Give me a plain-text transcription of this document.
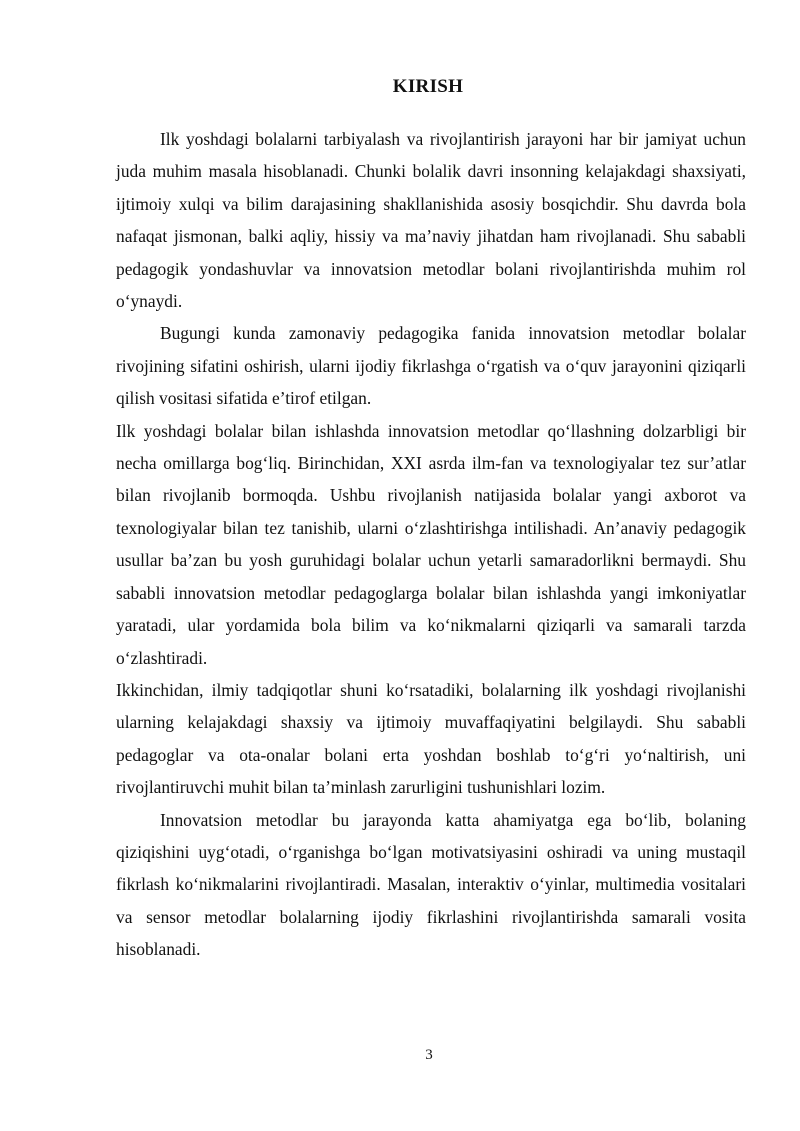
KIRISH

Ilk yoshdagi bolalarni tarbiyalash va rivojlantirish jarayoni har bir jamiyat uchun juda muhim masala hisoblanadi. Chunki bolalik davri insonning kelajakdagi shaxsiyati, ijtimoiy xulqi va bilim darajasining shakllanishida asosiy bosqichdir. Shu davrda bola nafaqat jismonan, balki aqliy, hissiy va ma’naviy jihatdan ham rivojlanadi. Shu sababli pedagogik yondashuvlar va innovatsion metodlar bolani rivojlantirishda muhim rol o‘ynaydi.

Bugungi kunda zamonaviy pedagogika fanida innovatsion metodlar bolalar rivojining sifatini oshirish, ularni ijodiy fikrlashga o‘rgatish va o‘quv jarayonini qiziqarli qilish vositasi sifatida e’tirof etilgan.

Ilk yoshdagi bolalar bilan ishlashda innovatsion metodlar qo‘llashning dolzarbligi bir necha omillarga bog‘liq. Birinchidan, XXI asrda ilm-fan va texnologiyalar tez sur’atlar bilan rivojlanib bormoqda. Ushbu rivojlanish natijasida bolalar yangi axborot va texnologiyalar bilan tez tanishib, ularni o‘zlashtirishga intilishadi. An’anaviy pedagogik usullar ba’zan bu yosh guruhidagi bolalar uchun yetarli samaradorlikni bermaydi. Shu sababli innovatsion metodlar pedagoglarga bolalar bilan ishlashda yangi imkoniyatlar yaratadi, ular yordamida bola bilim va ko‘nikmalarni qiziqarli va samarali tarzda o‘zlashtiradi.

Ikkinchidan, ilmiy tadqiqotlar shuni ko‘rsatadiki, bolalarning ilk yoshdagi rivojlanishi ularning kelajakdagi shaxsiy va ijtimoiy muvaffaqiyatini belgilaydi. Shu sababli pedagoglar va ota-onalar bolani erta yoshdan boshlab to‘g‘ri yo‘naltirish, uni rivojlantiruvchi muhit bilan ta’minlash zarurligini tushunishlari lozim.

Innovatsion metodlar bu jarayonda katta ahamiyatga ega bo‘lib, bolaning qiziqishini uyg‘otadi, o‘rganishga bo‘lgan motivatsiyasini oshiradi va uning mustaqil fikrlash ko‘nikmalarini rivojlantiradi. Masalan, interaktiv o‘yinlar, multimedia vositalari va sensor metodlar bolalarning ijodiy fikrlashini rivojlantirishda samarali vosita hisoblanadi.

3
